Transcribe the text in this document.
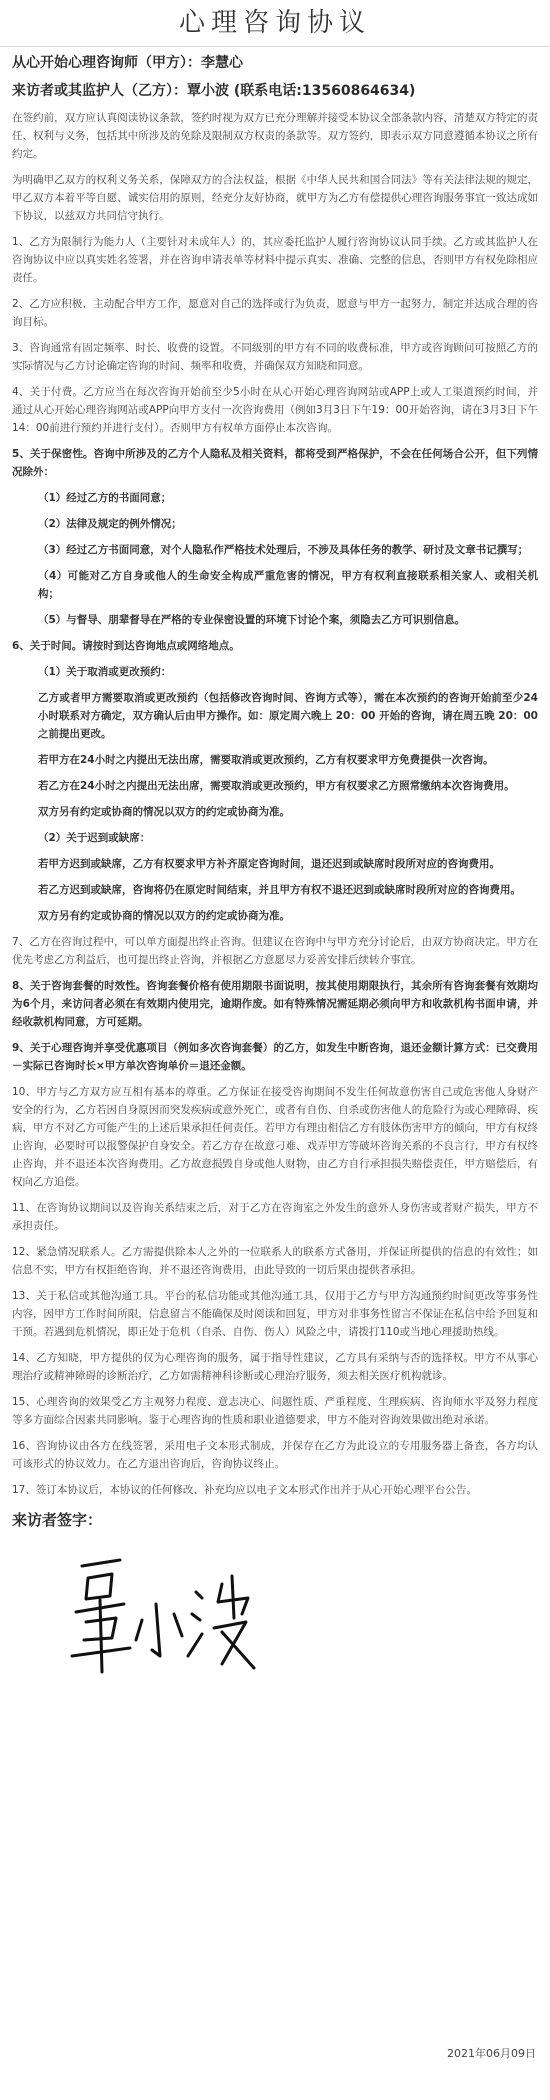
心理咨询协议
从心开始心理咨询师（甲方）：李慧心
来访者或其监护人（乙方）：覃小波 (联系电话:13560864634)

在签约前，双方应认真阅读协议条款，签约时视为双方已充分理解并接受本协议全部条款内容，清楚双方特定的责任、权利与义务，包括其中所涉及的免除及限制双方权责的条款等。双方签约，即表示双方同意遵循本协议之所有约定。

为明确甲乙双方的权利义务关系，保障双方的合法权益，根据《中华人民共和国合同法》等有关法律法规的规定，甲乙双方本着平等自愿、诚实信用的原则，经充分友好协商，就甲方为乙方有偿提供心理咨询服务事宜一致达成如下协议，以兹双方共同信守执行。

1、乙方为限制行为能力人（主要针对未成年人）的，其应委托监护人履行咨询协议认同手续。乙方或其监护人在咨询协议中应以真实姓名签署，并在咨询申请表单等材料中提示真实、准确、完整的信息，否则甲方有权免除相应责任。

2、乙方应积极、主动配合甲方工作，愿意对自己的选择或行为负责，愿意与甲方一起努力，制定并达成合理的咨询目标。

3、咨询通常有固定频率、时长、收费的设置。不同级别的甲方有不同的收费标准，甲方或咨询顾问可按照乙方的实际情况与乙方讨论确定咨询的时间、频率和收费，并确保双方知晓和同意。

4、关于付费。乙方应当在每次咨询开始前至少5小时在从心开始心理咨询网站或APP上或人工渠道预约时间，并通过从心开始心理咨询网站或APP向甲方支付一次咨询费用（例如3月3日下午19：00开始咨询，请在3月3日下午14：00前进行预约并进行支付）。否则甲方有权单方面停止本次咨询。

5、关于保密性。咨询中所涉及的乙方个人隐私及相关资料，都将受到严格保护，不会在任何场合公开，但下列情况除外：

（1）经过乙方的书面同意；

（2）法律及规定的例外情况；

（3）经过乙方书面同意，对个人隐私作严格技术处理后，不涉及具体任务的教学、研讨及文章书记撰写；

（4）可能对乙方自身或他人的生命安全构成严重危害的情况，甲方有权利直接联系相关家人、或相关机构；

（5）与督导、朋辈督导在严格的专业保密设置的环境下讨论个案，须隐去乙方可识别信息。

6、关于时间。请按时到达咨询地点或网络地点。

（1）关于取消或更改预约：

乙方或者甲方需要取消或更改预约（包括修改咨询时间、咨询方式等），需在本次预约的咨询开始前至少24小时联系对方确定，双方确认后由甲方操作。如：原定周六晚上 20：00 开始的咨询，请在周五晚 20：00 之前提出更改。

若甲方在24小时之内提出无法出席，需要取消或更改预约，乙方有权要求甲方免费提供一次咨询。

若乙方在24小时之内提出无法出席，需要取消或更改预约，甲方有权要求乙方照常缴纳本次咨询费用。

双方另有约定或协商的情况以双方的约定或协商为准。

（2）关于迟到或缺席：

若甲方迟到或缺席，乙方有权要求甲方补齐原定咨询时间，退还迟到或缺席时段所对应的咨询费用。

若乙方迟到或缺席，咨询将仍在原定时间结束，并且甲方有权不退还迟到或缺席时段所对应的咨询费用。

双方另有约定或协商的情况以双方的约定或协商为准。

7、乙方在咨询过程中，可以单方面提出终止咨询。但建议在咨询中与甲方充分讨论后，由双方协商决定。甲方在优先考虑乙方利益后，也可提出终止咨询，并根据乙方意愿尽力妥善安排后续转介事宜。

8、关于咨询套餐的时效性。咨询套餐价格有使用期限书面说明，按其使用期限执行，其余所有咨询套餐有效期均为6个月，来访问者必须在有效期内使用完，逾期作废。如有特殊情况需延期必须向甲方和收款机构书面申请，并经收款机构同意，方可延期。

9、关于心理咨询并享受优惠项目（例如多次咨询套餐）的乙方，如发生中断咨询，退还金额计算方式：已交费用－实际已咨询时长×甲方单次咨询单价＝退还金额。

10、甲方与乙方双方应互相有基本的尊重。乙方保证在接受咨询期间不发生任何故意伤害自己或危害他人身财产安全的行为，乙方若因自身原因而突发疾病或意外死亡，或者有自伤、自杀或伤害他人的危险行为或心理障碍、疾病，甲方不对乙方可能产生的上述后果承担任何责任。若甲方有理由相信乙方有肢体伤害甲方的倾向，甲方有权终止咨询，必要时可以报警保护自身安全。若乙方存在故意刁难、戏弄甲方等破坏咨询关系的不良言行，甲方有权终止咨询，并不退还本次咨询费用。乙方故意损毁自身或他人财物，由乙方自行承担损失赔偿责任，甲方赔偿后，有权向乙方追偿。

11、在咨询协议期间以及咨询关系结束之后，对于乙方在咨询室之外发生的意外人身伤害或者财产损失，甲方不承担责任。

12、紧急情况联系人。乙方需提供除本人之外的一位联系人的联系方式备用，并保证所提供的信息的有效性；如信息不实，甲方有权拒绝咨询，并不退还咨询费用，由此导致的一切后果由提供者承担。

13、关于私信或其他沟通工具。平台的私信功能或其他沟通工具，仅用于乙方与甲方沟通预约时间更改等事务性内容，因甲方工作时间所限，信息留言不能确保及时阅读和回复，甲方对非事务性留言不保证在私信中给予回复和干预。若遇到危机情况，即正处于危机（自杀、自伤、伤人）风险之中，请拨打110或当地心理援助热线。

14、乙方知晓，甲方提供的仅为心理咨询的服务，属于指导性建议，乙方具有采纳与否的选择权。甲方不从事心理治疗或精神障碍的诊断治疗，乙方如需精神科诊断或心理治疗服务，须去相关医疗机构就诊。

15、心理咨询的效果受乙方主观努力程度、意志决心、问题性质、严重程度、生理疾病、咨询师水平及努力程度等多方面综合因素共同影响。鉴于心理咨询的性质和职业道德要求，甲方不能对咨询效果做出绝对承诺。

16、咨询协议由各方在线签署，采用电子文本形式制成，并保存在乙方为此设立的专用服务器上备查，各方均认可该形式的协议效力。在乙方退出咨询后，咨询协议终止。

17、签订本协议后，本协议的任何修改、补充均应以电子文本形式作出并于从心开始心理平台公告。

来访者签字：
2021年06月09日
